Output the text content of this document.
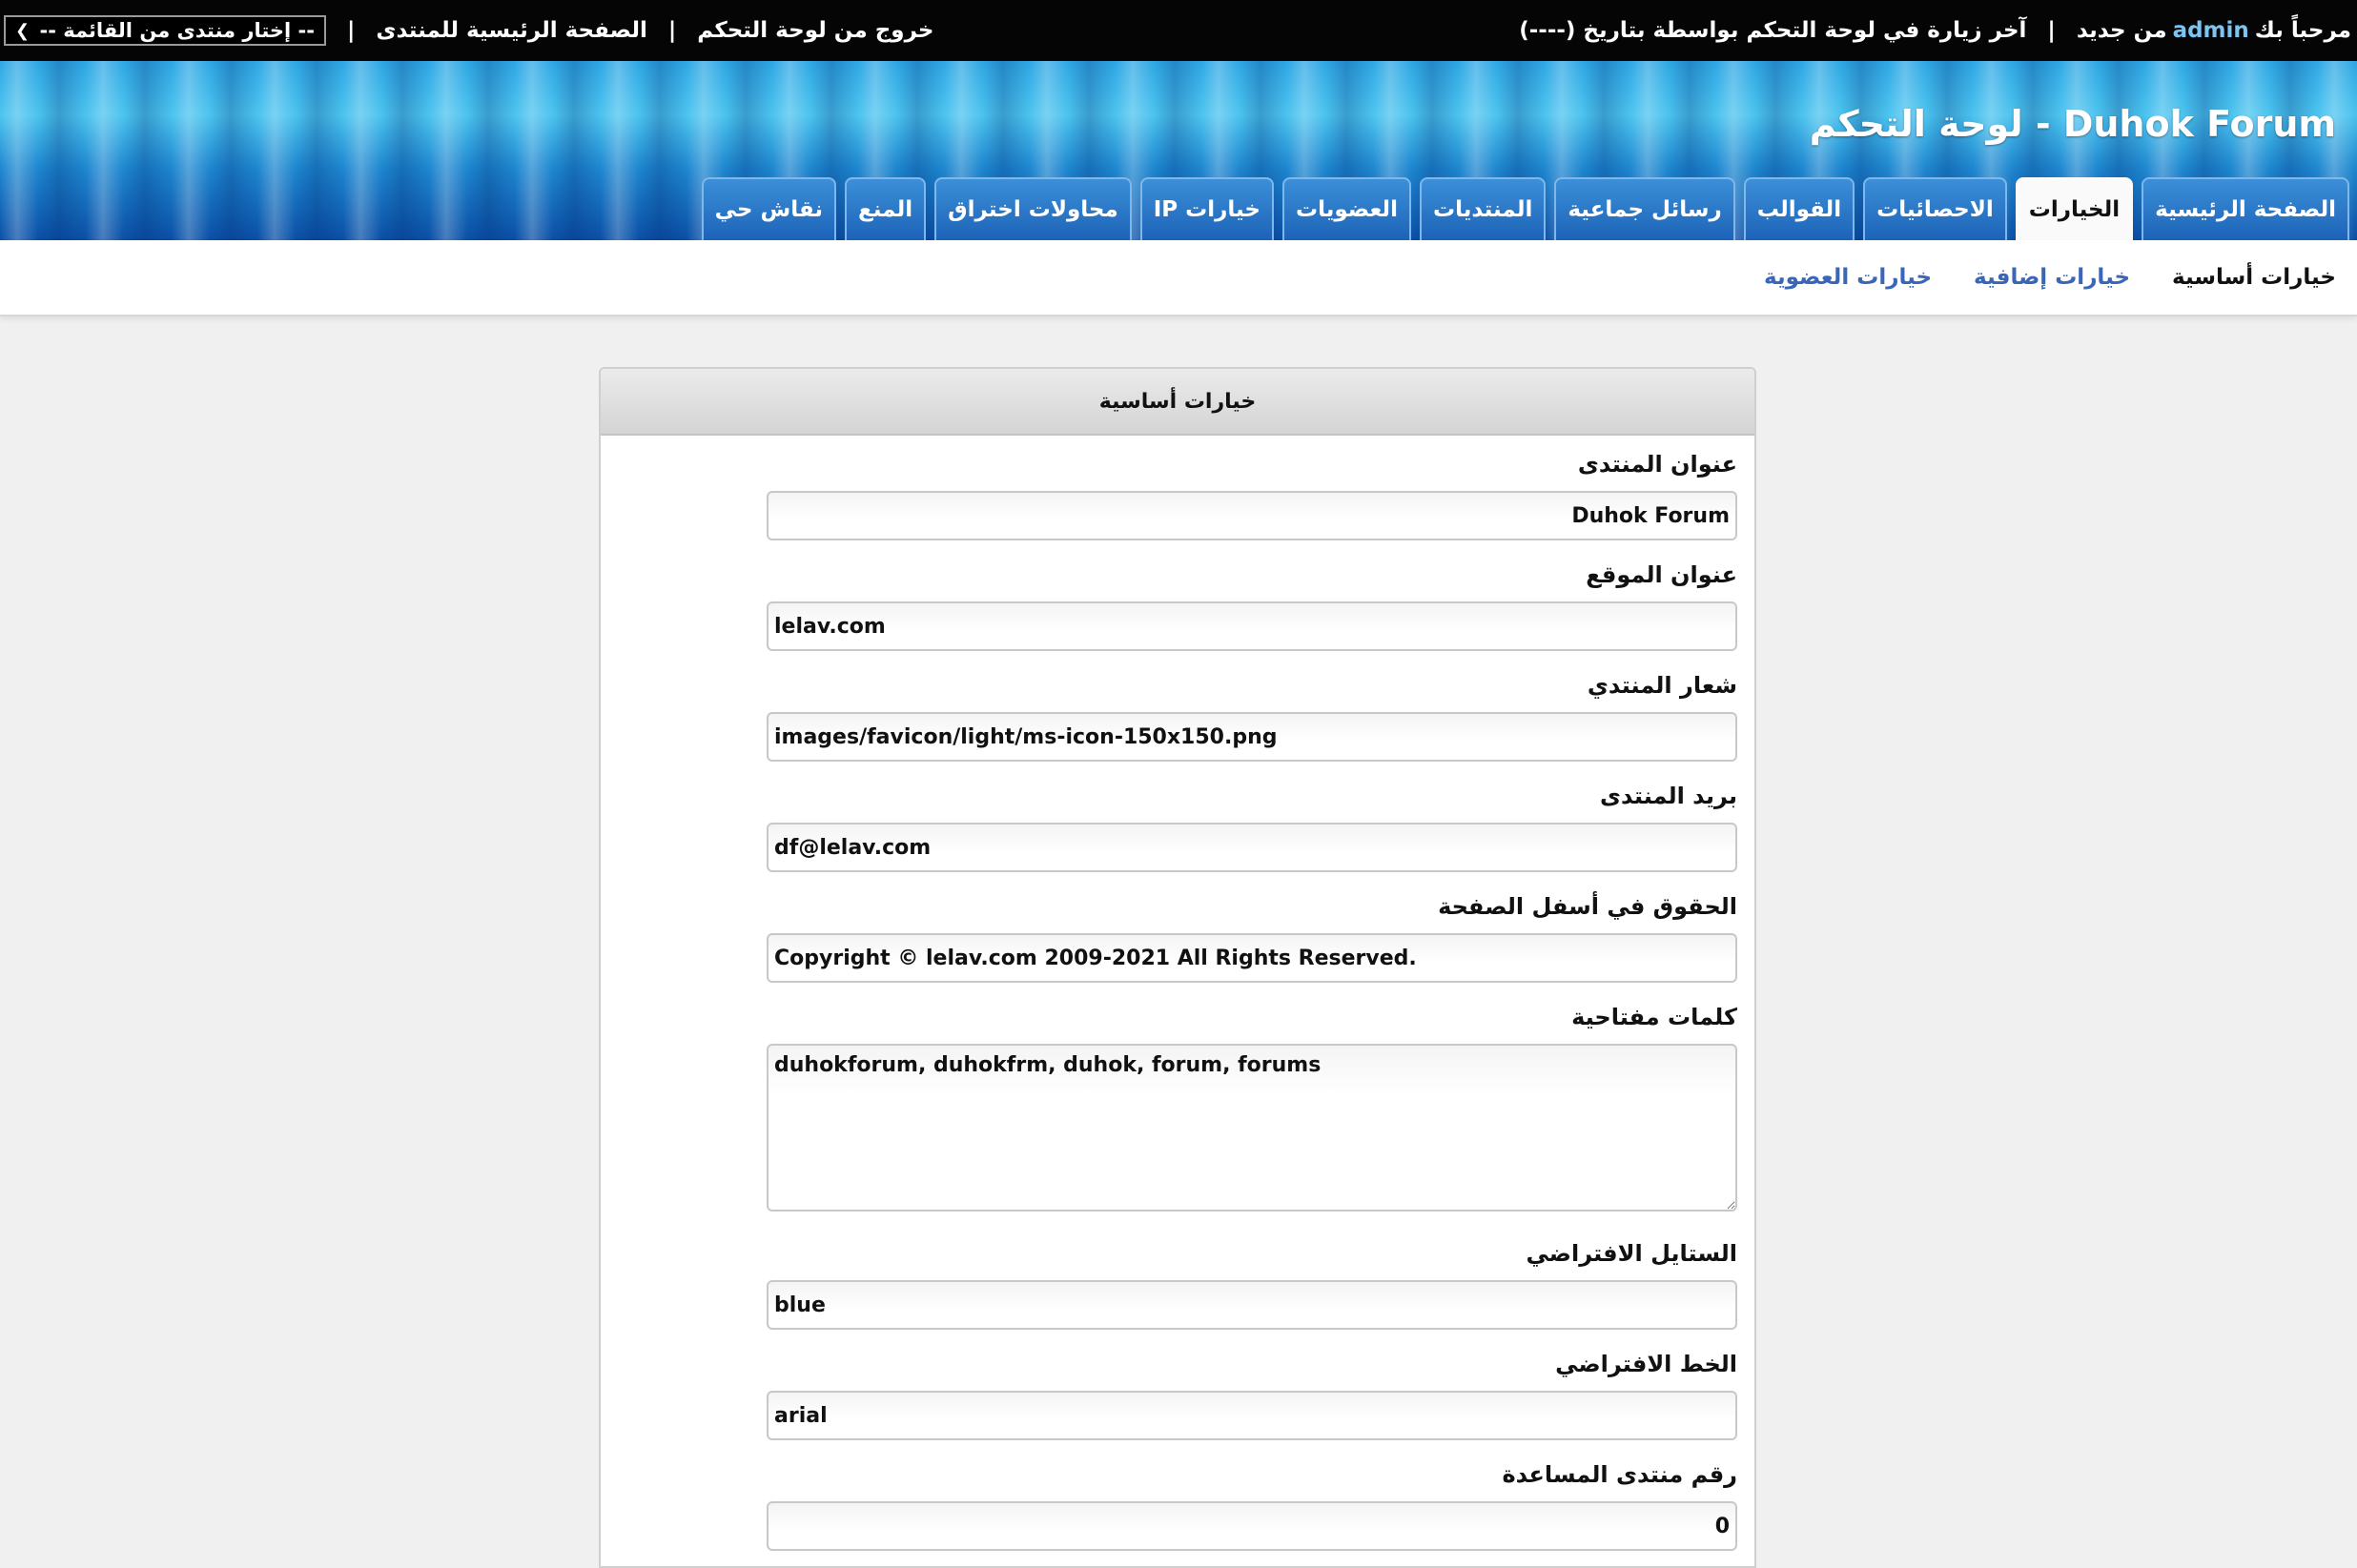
خروج من لوحة التحكم
|
الصفحة الرئيسية للمنتدى
|
-- إختار منتدى من القائمة --
❯	مرحباً بك
admin
من جديد
|
آخر زيارة في لوحة التحكم بواسطة بتاريخ (----)
Duhok Forum - لوحة التحكم
الصفحة الرئيسية
الخيارات
الاحصائيات
القوالب
رسائل جماعية
المنتديات
العضويات
خيارات IP
محاولات اختراق
المنع
نقاش حي
خيارات أساسية
خيارات إضافية
خيارات العضوية
خيارات أساسية
عنوان المنتدى
Duhok Forum
عنوان الموقع
lelav.com
شعار المنتدي
images/favicon/light/ms-icon-150x150.png
بريد المنتدى
df@lelav.com
الحقوق في أسفل الصفحة
Copyright © lelav.com 2009-2021 All Rights Reserved.
كلمات مفتاحية
duhokforum, duhokfrm, duhok, forum, forums
الستايل الافتراضي
blue
الخط الافتراضي
arial
رقم منتدى المساعدة
0
